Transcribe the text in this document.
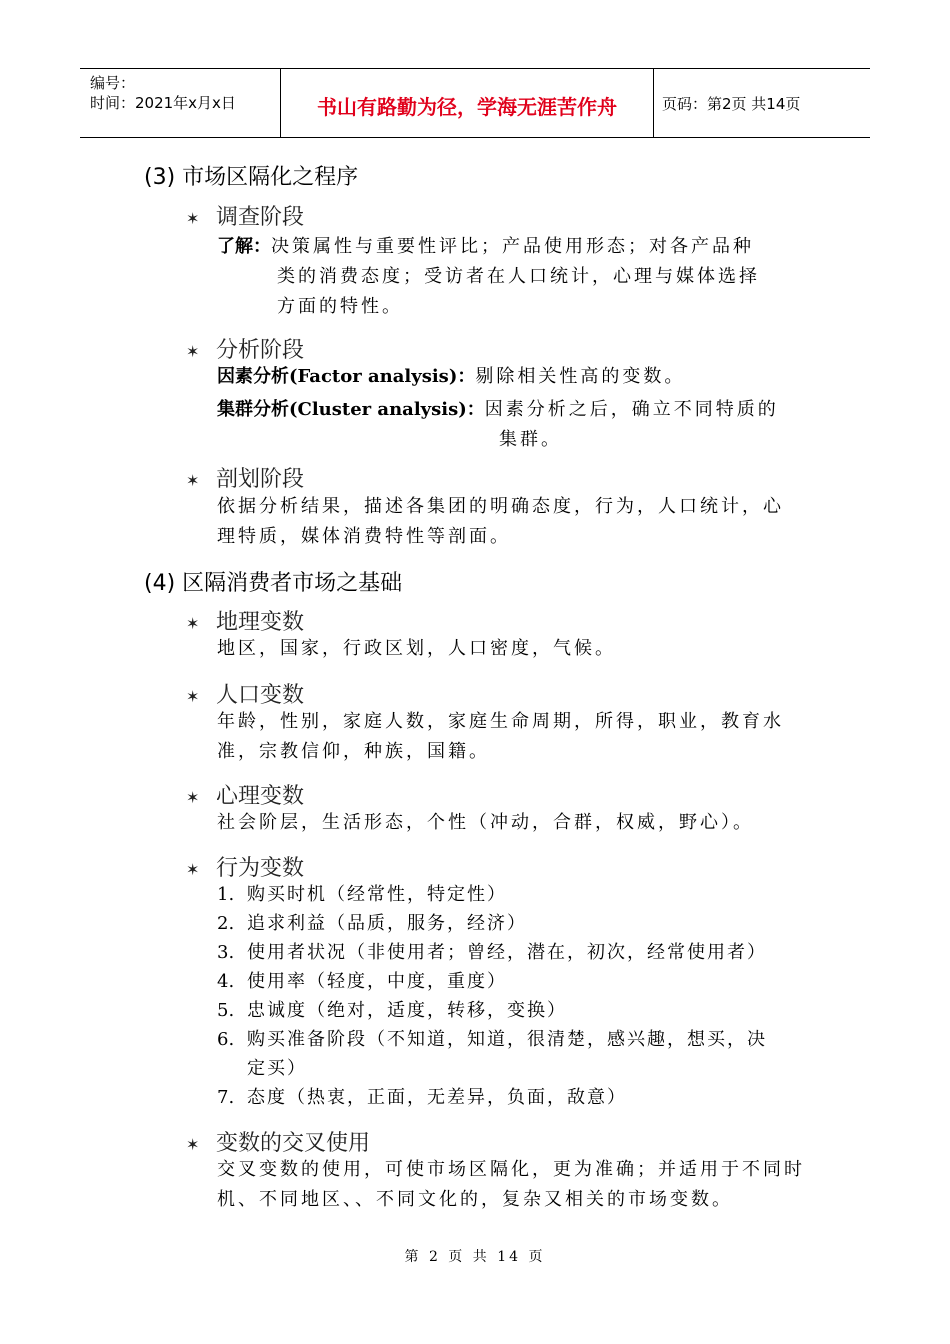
编号：
时间：2021年x月x日	书山有路勤为径，学海无涯苦作舟	页码：第2页 共14页
(3) 市场区隔化之程序
✶ 调查阶段
了解：决策属性与重要性评比；产品使用形态；对各产品种
类的消费态度；受访者在人口统计，心理与媒体选择
方面的特性。
✶ 分析阶段
因素分析(Factor analysis)：剔除相关性高的变数。
集群分析(Cluster analysis)：因素分析之后，确立不同特质的
集群。
✶ 剖划阶段
依据分析结果，描述各集团的明确态度，行为，人口统计，心
理特质，媒体消费特性等剖面。
(4) 区隔消费者市场之基础
✶ 地理变数
地区，国家，行政区划，人口密度，气候。
✶ 人口变数
年龄，性别，家庭人数，家庭生命周期，所得，职业，教育水
准，宗教信仰，种族，国籍。
✶ 心理变数
社会阶层，生活形态，个性（冲动，合群，权威，野心）。
✶ 行为变数
1. 购买时机（经常性，特定性）
2. 追求利益（品质，服务，经济）
3. 使用者状况（非使用者；曾经，潜在，初次，经常使用者）
4. 使用率（轻度，中度，重度）
5. 忠诚度（绝对，适度，转移，变换）
6. 购买准备阶段（不知道，知道，很清楚，感兴趣，想买，决
定买）
7. 态度（热衷，正面，无差异，负面，敌意）
✶ 变数的交叉使用
交叉变数的使用，可使市场区隔化，更为准确；并适用于不同时
机、不同地区、、不同文化的，复杂又相关的市场变数。
第 2 页 共 14 页
